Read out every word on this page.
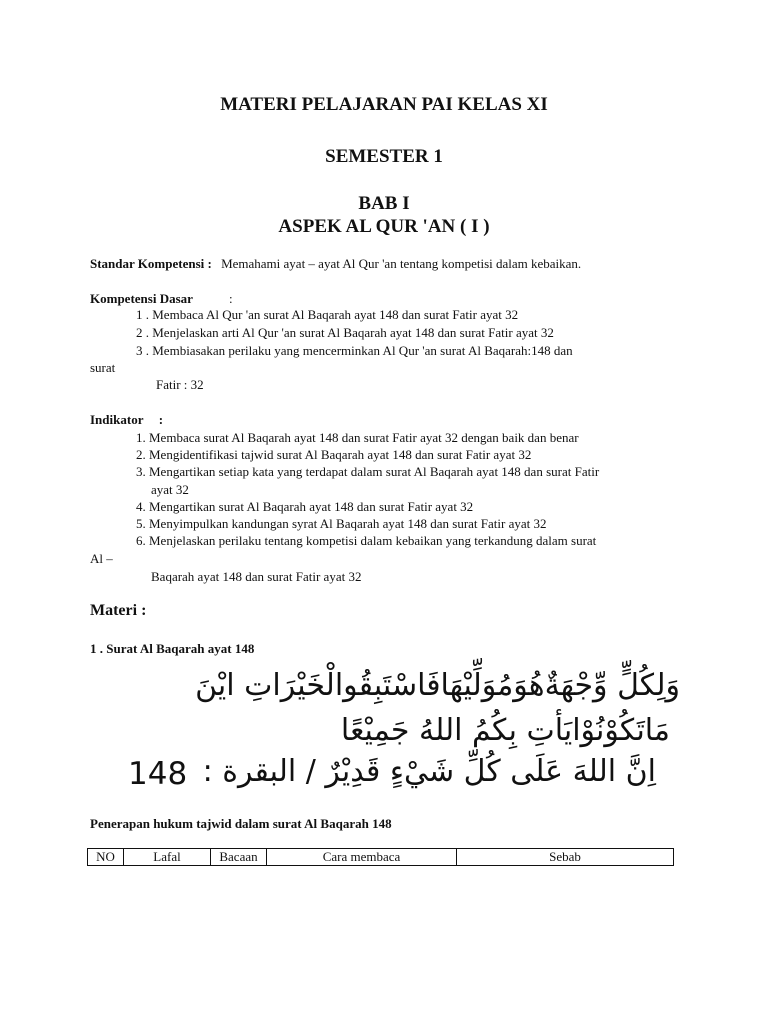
MATERI PELAJARAN PAI KELAS XI
SEMESTER 1
BAB I
ASPEK AL QUR 'AN ( I )
Standar Kompetensi : Memahami ayat – ayat Al Qur 'an tentang kompetisi dalam kebaikan.
Kompetensi Dasar	:
1 . Membaca Al Qur 'an surat Al Baqarah ayat 148 dan surat Fatir ayat 32
2 . Menjelaskan arti Al Qur 'an surat Al Baqarah ayat 148 dan surat Fatir ayat 32
3 . Membiasakan perilaku yang mencerminkan Al Qur 'an surat Al Baqarah:148 dan
surat
Fatir : 32
Indikator :
1. Membaca surat Al Baqarah ayat 148 dan surat Fatir ayat 32 dengan baik dan benar
2. Mengidentifikasi tajwid surat Al Baqarah ayat 148 dan surat Fatir ayat 32
3. Mengartikan setiap kata yang terdapat dalam surat Al Baqarah ayat 148 dan surat Fatir
ayat 32
4. Mengartikan surat Al Baqarah ayat 148 dan surat Fatir ayat 32
5. Menyimpulkan kandungan syrat Al Baqarah ayat 148 dan surat Fatir ayat 32
6. Menjelaskan perilaku tentang kompetisi dalam kebaikan yang terkandung dalam surat
Al –
Baqarah ayat 148 dan surat Fatir ayat 32
Materi :
1 . Surat Al Baqarah ayat 148
وَلِكُلٍّ وِّجْهَةٌهُوَمُوَلِّيْهَافَاسْتَبِقُوالْخَيْرَاتِ ايْنَ
مَاتَكُوْنُوْايَأتِ بِكُمُ اللهُ جَمِيْعًا
اِنَّ اللهَ عَلَى كُلِّ شَيْءٍ قَدِيْرٌ / البقرة :
148
Penerapan hukum tajwid dalam surat Al Baqarah 148
NO	Lafal	Bacaan	Cara membaca	Sebab
